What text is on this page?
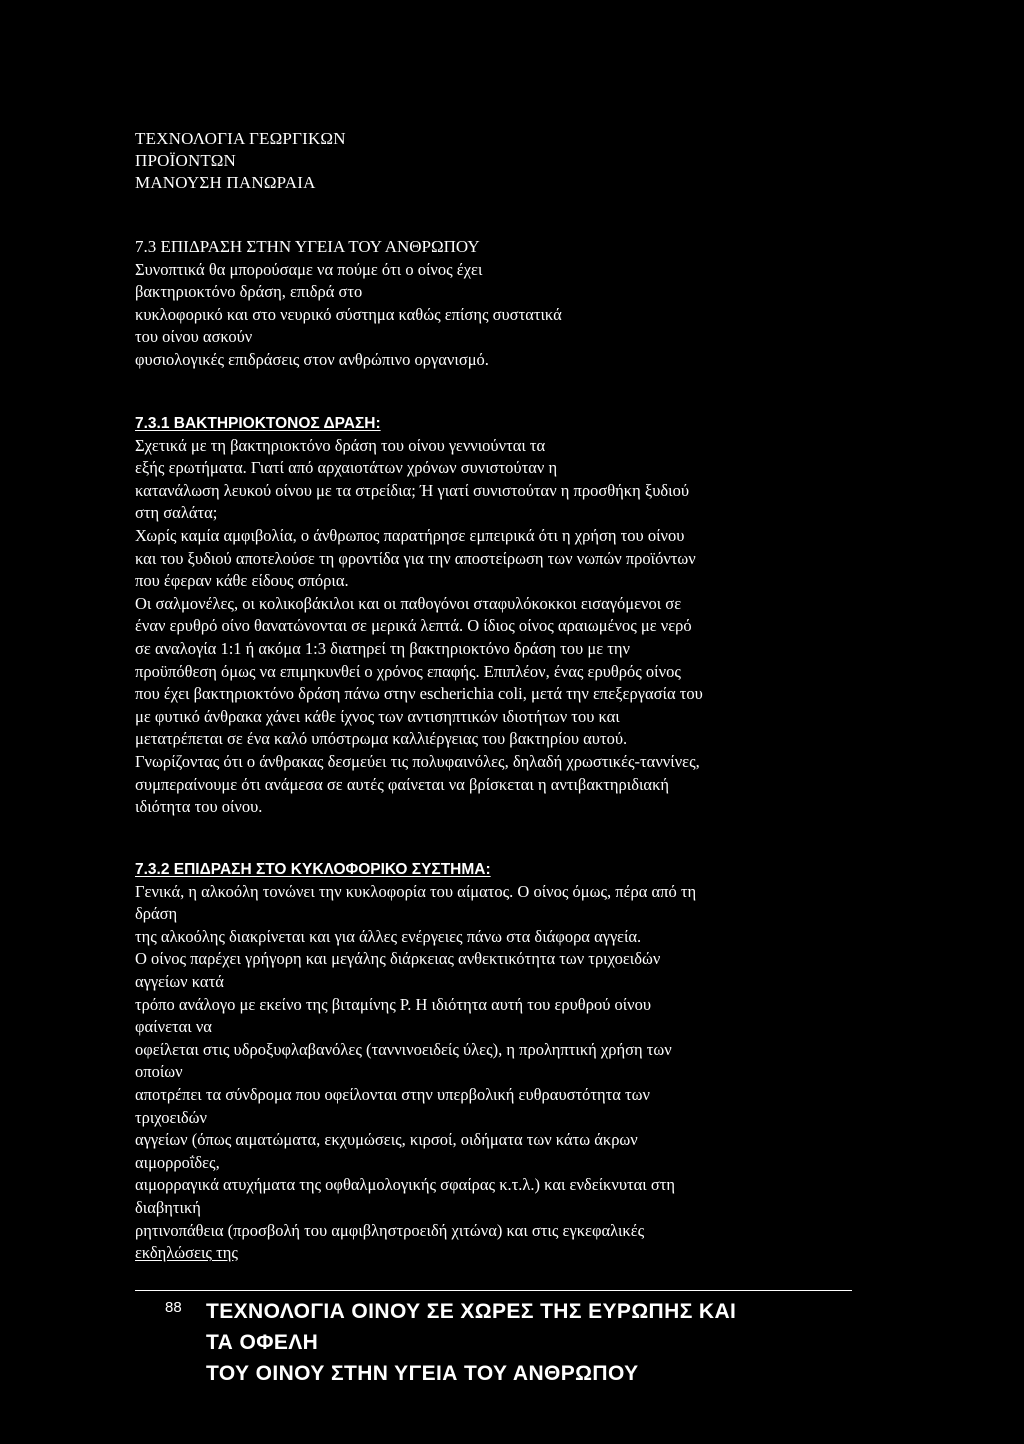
ΤΕΧΝΟΛΟΓΙΑ ΓΕΩΡΓΙΚΩΝ
ΠΡΟΪΟΝΤΩΝ
ΜΑΝΟΥΣΗ ΠΑΝΩΡΑΙΑ
7.3 ΕΠΙΔΡΑΣΗ ΣΤΗΝ ΥΓΕΙΑ ΤΟΥ ΑΝΘΡΩΠΟΥ
Συνοπτικά θα μπορούσαμε να πούμε ότι ο οίνος έχει
βακτηριοκτόνο δράση, επιδρά στο
κυκλοφορικό και στο νευρικό σύστημα καθώς επίσης συστατικά
του οίνου ασκούν
φυσιολογικές επιδράσεις στον ανθρώπινο οργανισμό.
7.3.1 ΒΑΚΤΗΡΙΟΚΤΟΝΟΣ ΔΡΑΣΗ:
Σχετικά με τη βακτηριοκτόνο δράση του οίνου γεννιούνται τα
εξής ερωτήματα. Γιατί από αρχαιοτάτων χρόνων συνιστούταν η
κατανάλωση λευκού οίνου με τα στρείδια; Ή γιατί συνιστούταν η προσθήκη ξυδιού
στη σαλάτα;
Χωρίς καμία αμφιβολία, ο άνθρωπος παρατήρησε εμπειρικά ότι η χρήση του οίνου
και του ξυδιού αποτελούσε τη φροντίδα για την αποστείρωση των νωπών προϊόντων
που έφεραν κάθε είδους σπόρια.
Οι σαλμονέλες, οι κολικοβάκιλοι και οι παθογόνοι σταφυλόκοκκοι εισαγόμενοι σε
έναν ερυθρό οίνο θανατώνονται σε μερικά λεπτά. Ο ίδιος οίνος αραιωμένος με νερό
σε αναλογία 1:1 ή ακόμα 1:3 διατηρεί τη βακτηριοκτόνο δράση του με την
προϋπόθεση όμως να επιμηκυνθεί ο χρόνος επαφής. Επιπλέον, ένας ερυθρός οίνος
που έχει βακτηριοκτόνο δράση πάνω στην escherichia coli, μετά την επεξεργασία του
με φυτικό άνθρακα χάνει κάθε ίχνος των αντισηπτικών ιδιοτήτων του και
μετατρέπεται σε ένα καλό υπόστρωμα καλλιέργειας του βακτηρίου αυτού.
Γνωρίζοντας ότι ο άνθρακας δεσμεύει τις πολυφαινόλες, δηλαδή χρωστικές-ταννίνες,
συμπεραίνουμε ότι ανάμεσα σε αυτές φαίνεται να βρίσκεται η αντιβακτηριδιακή
ιδιότητα του οίνου.
7.3.2 ΕΠΙΔΡΑΣΗ ΣΤΟ ΚΥΚΛΟΦΟΡΙΚΟ ΣΥΣΤΗΜΑ:
Γενικά, η αλκοόλη τονώνει την κυκλοφορία του αίματος. Ο οίνος όμως, πέρα από τη
δράση
της αλκοόλης διακρίνεται και για άλλες ενέργειες πάνω στα διάφορα αγγεία.
Ο οίνος παρέχει γρήγορη και μεγάλης διάρκειας ανθεκτικότητα των τριχοειδών
αγγείων κατά
τρόπο ανάλογο με εκείνο της βιταμίνης P. Η ιδιότητα αυτή του ερυθρού οίνου
φαίνεται να
οφείλεται στις υδροξυφλαβανόλες (ταννινοειδείς ύλες), η προληπτική χρήση των
οποίων
αποτρέπει τα σύνδρομα που οφείλονται στην υπερβολική ευθραυστότητα των
τριχοειδών
αγγείων (όπως αιματώματα, εκχυμώσεις, κιρσοί, οιδήματα των κάτω άκρων
αιμορροΐδες,
αιμορραγικά ατυχήματα της οφθαλμολογικής σφαίρας κ.τ.λ.) και ενδείκνυται στη
διαβητική
ρητινοπάθεια (προσβολή του αμφιβληστροειδή χιτώνα) και στις εγκεφαλικές
εκδηλώσεις της
88 ΤΕΧΝΟΛΟΓΙΑ ΟΙΝΟΥ ΣΕ ΧΩΡΕΣ ΤΗΣ ΕΥΡΩΠΗΣ ΚΑΙ
ΤΑ ΟΦΕΛΗ
ΤΟΥ ΟΙΝΟΥ ΣΤΗΝ ΥΓΕΙΑ ΤΟΥ ΑΝΘΡΩΠΟΥ
